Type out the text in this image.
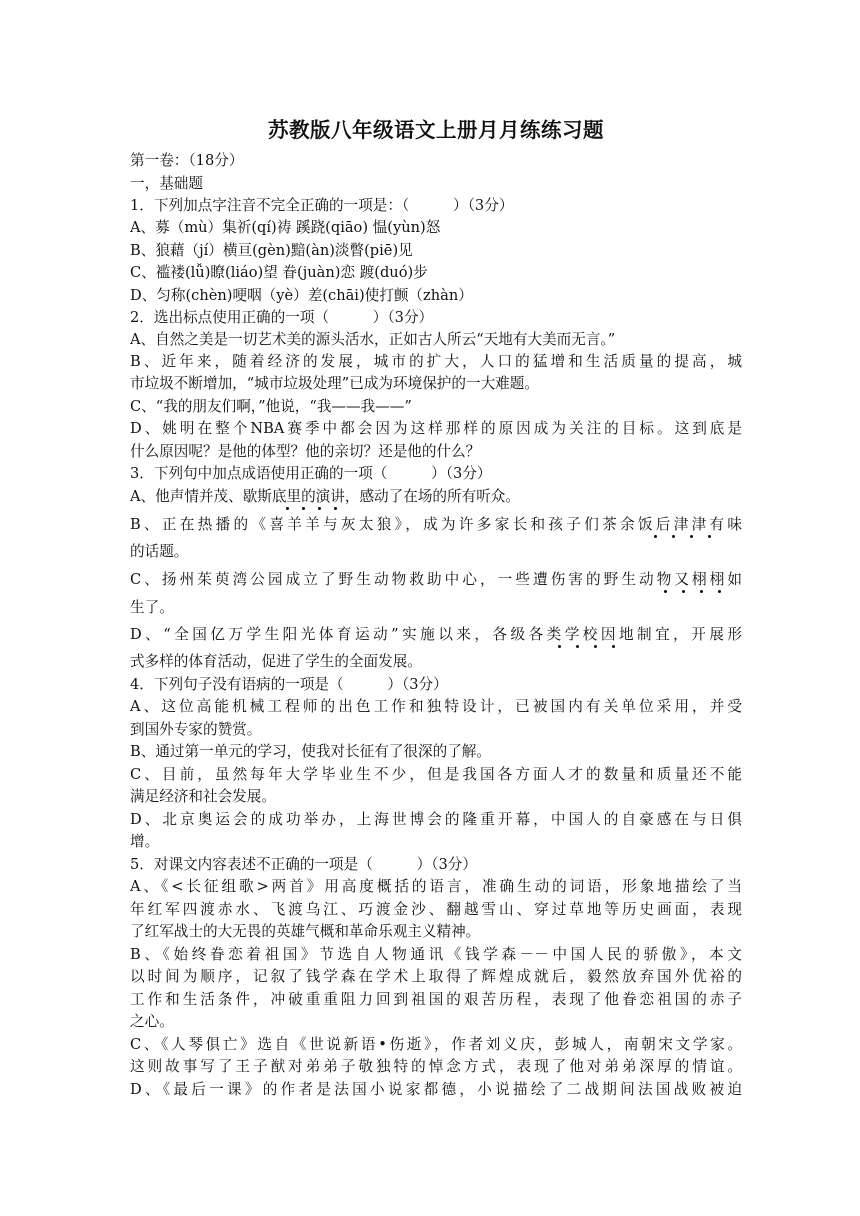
苏教版八年级语文上册月月练练习题
第一卷：（18分）
一，基础题
1．下列加点字注音不完全正确的一项是：（　　　）（3分）
A、募（mù）集祈(qí)祷 蹊跷(qiāo) 愠(yùn)怒
B、狼藉（jí）横亘(gèn)黯(àn)淡瞥(piē)见
C、褴褛(lǚ)瞭(liáo)望 眷(juàn)恋 踱(duó)步
D、匀称(chèn)哽咽（yè）差(chāi)使打颤（zhàn）
2．选出标点使用正确的一项（　　　）（3分）
A、自然之美是一切艺术美的源头活水，正如古人所云“天地有大美而无言。”
B、近年来，随着经济的发展，城市的扩大，人口的猛增和生活质量的提高，城
市垃圾不断增加，“城市垃圾处理”已成为环境保护的一大难题。
C、“我的朋友们啊，”他说，“我——我——”
D、姚明在整个NBA赛季中都会因为这样那样的原因成为关注的目标。这到底是
什么原因呢？是他的体型？他的亲切？还是他的什么？
3．下列句中加点成语使用正确的一项（　　　）（3分）
A、他声情并茂、歇斯底里的演讲，感动了在场的所有听众。
B、正在热播的《喜羊羊与灰太狼》，成为许多家长和孩子们茶余饭后津津有味
的话题。
C、扬州茱萸湾公园成立了野生动物救助中心，一些遭伤害的野生动物又栩栩如
生了。
D、“全国亿万学生阳光体育运动”实施以来，各级各类学校因地制宜，开展形
式多样的体育活动，促进了学生的全面发展。
4．下列句子没有语病的一项是（　　　）（3分）
A、这位高能机械工程师的出色工作和独特设计，已被国内有关单位采用，并受
到国外专家的赞赏。
B、通过第一单元的学习，使我对长征有了很深的了解。
C、目前，虽然每年大学毕业生不少，但是我国各方面人才的数量和质量还不能
满足经济和社会发展。
D、北京奥运会的成功举办，上海世博会的隆重开幕，中国人的自豪感在与日俱
增。
5．对课文内容表述不正确的一项是（　　　）（3分）
A、《<长征组歌>两首》用高度概括的语言，准确生动的词语，形象地描绘了当
年红军四渡赤水、飞渡乌江、巧渡金沙、翻越雪山、穿过草地等历史画面，表现
了红军战士的大无畏的英雄气概和革命乐观主义精神。
B、《始终眷恋着祖国》节选自人物通讯《钱学森－－中国人民的骄傲》，本文
以时间为顺序，记叙了钱学森在学术上取得了辉煌成就后，毅然放弃国外优裕的
工作和生活条件，冲破重重阻力回到祖国的艰苦历程，表现了他眷恋祖国的赤子
之心。
C、《人琴俱亡》选自《世说新语•伤逝》，作者刘义庆，彭城人，南朝宋文学家。
这则故事写了王子猷对弟弟子敬独特的悼念方式，表现了他对弟弟深厚的情谊。
D、《最后一课》的作者是法国小说家都德，小说描绘了二战期间法国战败被迫
